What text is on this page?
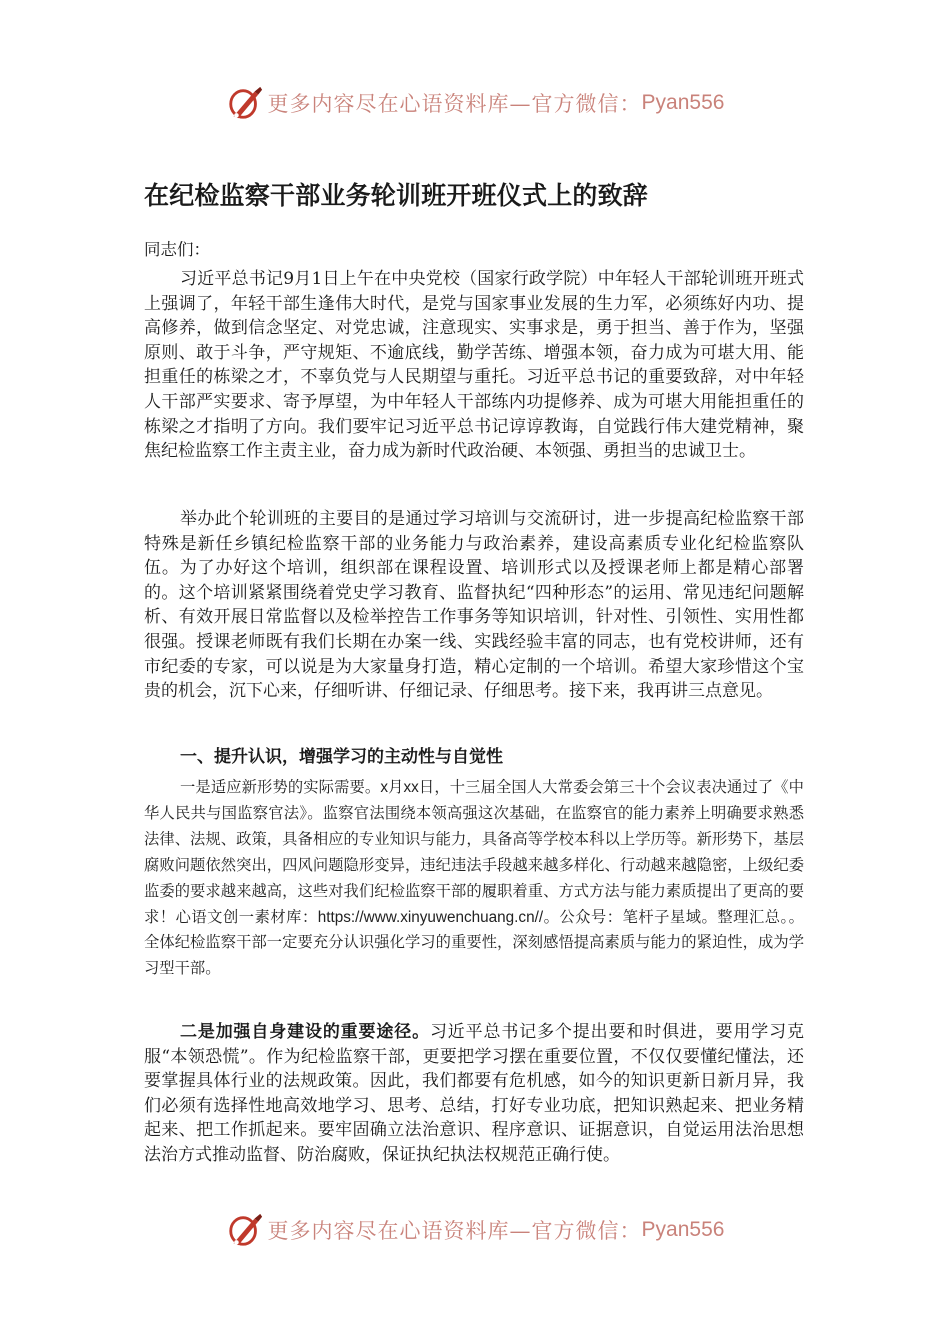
更多内容尽在心语资料库—官方微信： Pyan556
在纪检监察干部业务轮训班开班仪式上的致辞

同志们：

习近平总书记9月1日上午在中央党校（国家行政学院）中年轻人干部轮训班开班式上强调了，年轻干部生逢伟大时代，是党与国家事业发展的生力军，必须练好内功、提高修养，做到信念坚定、对党忠诚，注意现实、实事求是，勇于担当、善于作为，坚强原则、敢于斗争，严守规矩、不逾底线，勤学苦练、增强本领，奋力成为可堪大用、能担重任的栋梁之才，不辜负党与人民期望与重托。习近平总书记的重要致辞，对中年轻人干部严实要求、寄予厚望，为中年轻人干部练内功提修养、成为可堪大用能担重任的栋梁之才指明了方向。我们要牢记习近平总书记谆谆教诲，自觉践行伟大建党精神，聚焦纪检监察工作主责主业，奋力成为新时代政治硬、本领强、勇担当的忠诚卫士。

举办此个轮训班的主要目的是通过学习培训与交流研讨，进一步提高纪检监察干部特殊是新任乡镇纪检监察干部的业务能力与政治素养，建设高素质专业化纪检监察队伍。为了办好这个培训，组织部在课程设置、培训形式以及授课老师上都是精心部署的。这个培训紧紧围绕着党史学习教育、监督执纪“四种形态”的运用、常见违纪问题解析、有效开展日常监督以及检举控告工作事务等知识培训，针对性、引领性、实用性都很强。授课老师既有我们长期在办案一线、实践经验丰富的同志，也有党校讲师，还有市纪委的专家，可以说是为大家量身打造，精心定制的一个培训。希望大家珍惜这个宝贵的机会，沉下心来，仔细听讲、仔细记录、仔细思考。接下来，我再讲三点意见。

一、提升认识，增强学习的主动性与自觉性

一是适应新形势的实际需要。x月xx日，十三届全国人大常委会第三十个会议表决通过了《中华人民共与国监察官法》。监察官法围绕本领高强这次基础，在监察官的能力素养上明确要求熟悉法律、法规、政策，具备相应的专业知识与能力，具备高等学校本科以上学历等。新形势下，基层腐败问题依然突出，四风问题隐形变异，违纪违法手段越来越多样化、行动越来越隐密，上级纪委监委的要求越来越高，这些对我们纪检监察干部的履职着重、方式方法与能力素质提出了更高的要求！心语文创一素材库：https://www.xinyuwenchuang.cn//。公众号：笔杆子星域。整理汇总。。全体纪检监察干部一定要充分认识强化学习的重要性，深刻感悟提高素质与能力的紧迫性，成为学习型干部。

二是加强自身建设的重要途径。习近平总书记多个提出要和时俱进，要用学习克服“本领恐慌”。作为纪检监察干部，更要把学习摆在重要位置，不仅仅要懂纪懂法，还要掌握具体行业的法规政策。因此，我们都要有危机感，如今的知识更新日新月异，我们必须有选择性地高效地学习、思考、总结，打好专业功底，把知识熟起来、把业务精起来、把工作抓起来。要牢固确立法治意识、程序意识、证据意识，自觉运用法治思想法治方式推动监督、防治腐败，保证执纪执法权规范正确行使。

更多内容尽在心语资料库—官方微信： Pyan556
